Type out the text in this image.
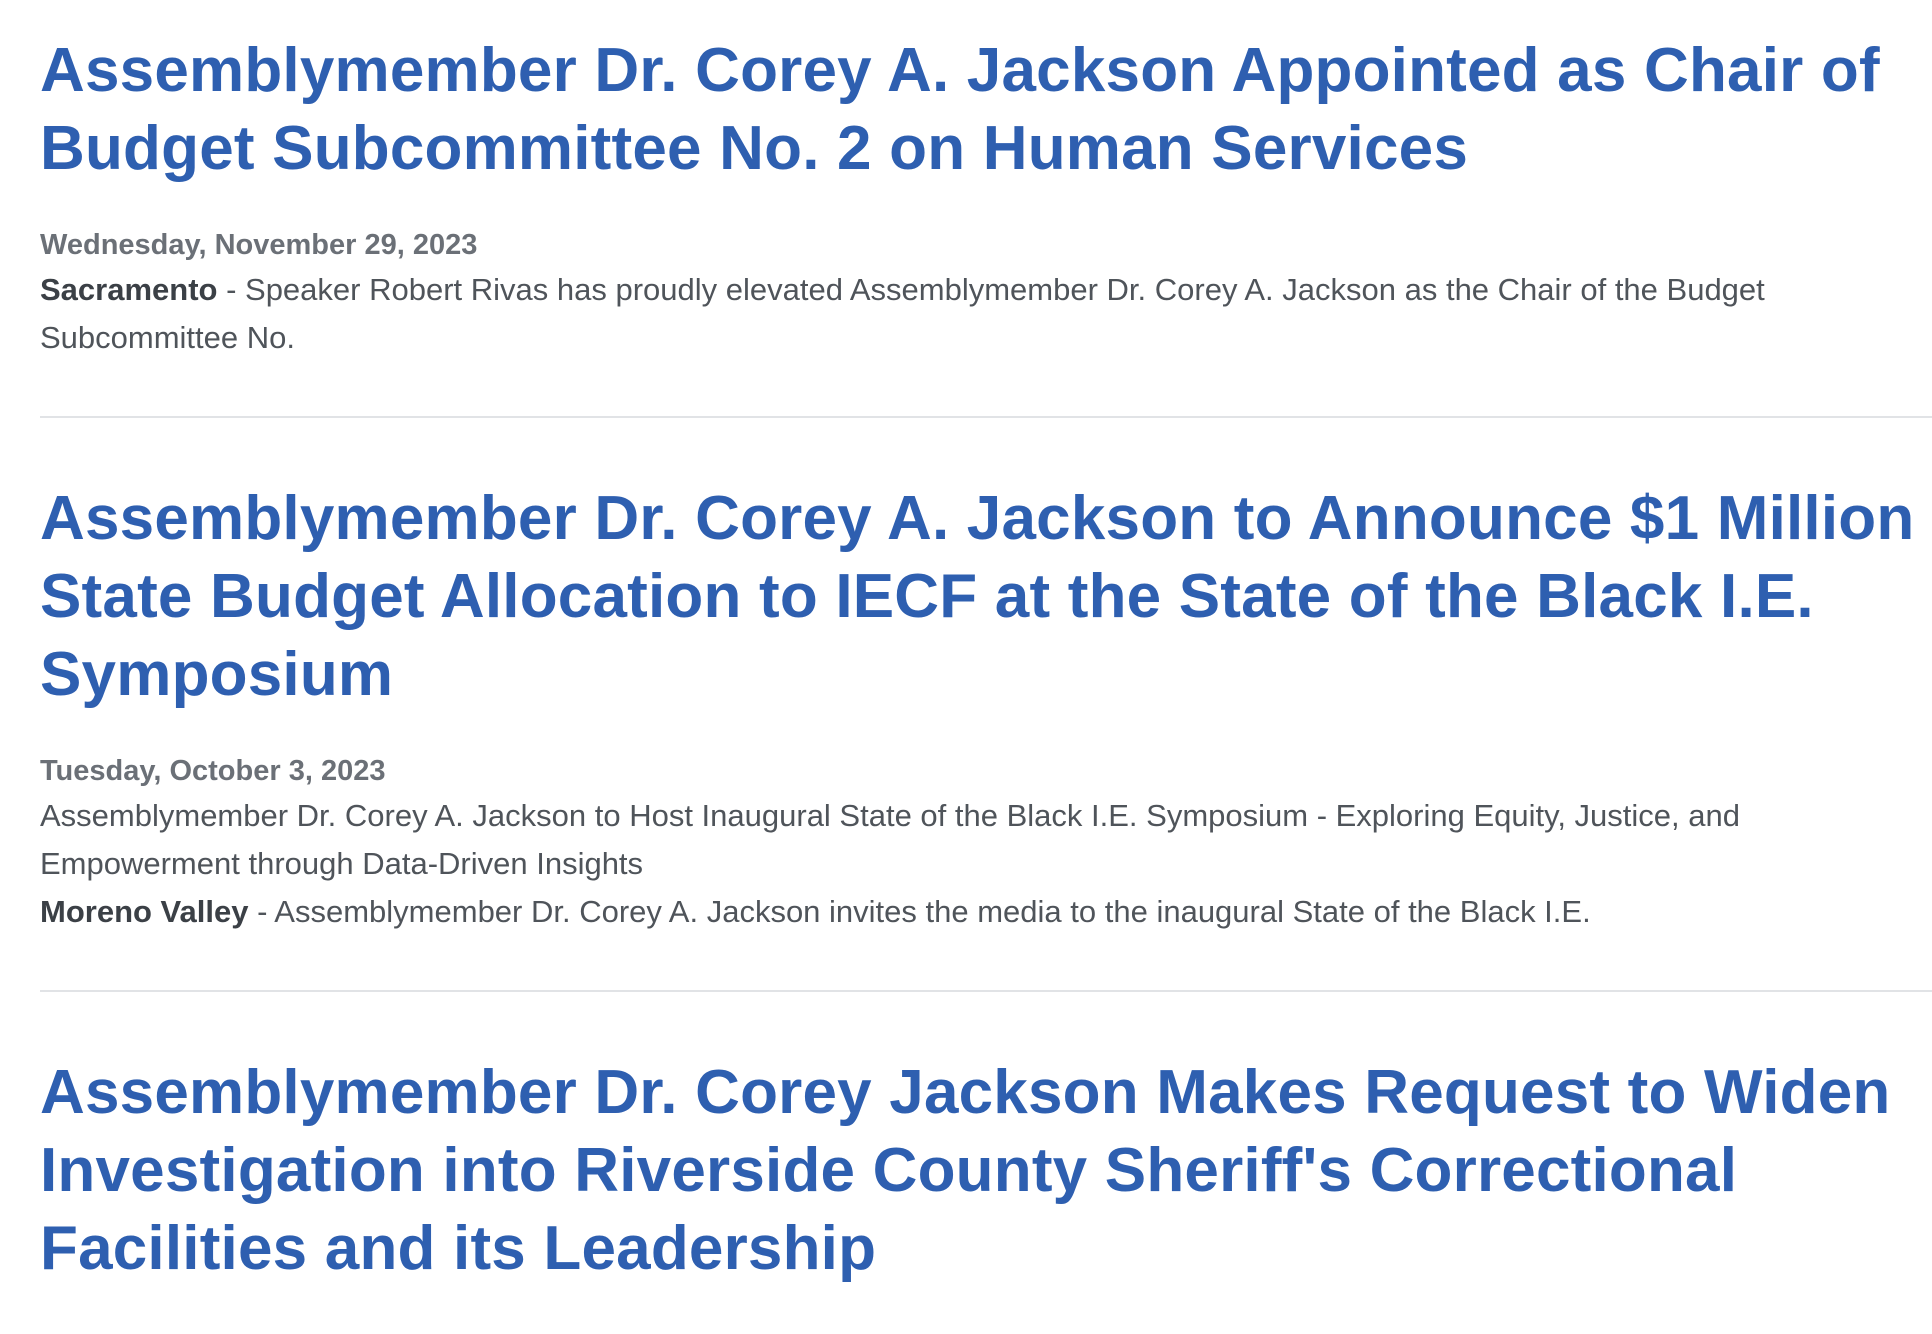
Assemblymember Dr. Corey A. Jackson Appointed as Chair of Budget Subcommittee No. 2 on Human Services
Wednesday, November 29, 2023
Sacramento - Speaker Robert Rivas has proudly elevated Assemblymember Dr. Corey A. Jackson as the Chair of the Budget Subcommittee No.
Assemblymember Dr. Corey A. Jackson to Announce $1 Million State Budget Allocation to IECF at the State of the Black I.E. Symposium
Tuesday, October 3, 2023
Assemblymember Dr. Corey A. Jackson to Host Inaugural State of the Black I.E. Symposium - Exploring Equity, Justice, and Empowerment through Data-Driven Insights
Moreno Valley - Assemblymember Dr. Corey A. Jackson invites the media to the inaugural State of the Black I.E.
Assemblymember Dr. Corey Jackson Makes Request to Widen Investigation into Riverside County Sheriff's Correctional Facilities and its Leadership
